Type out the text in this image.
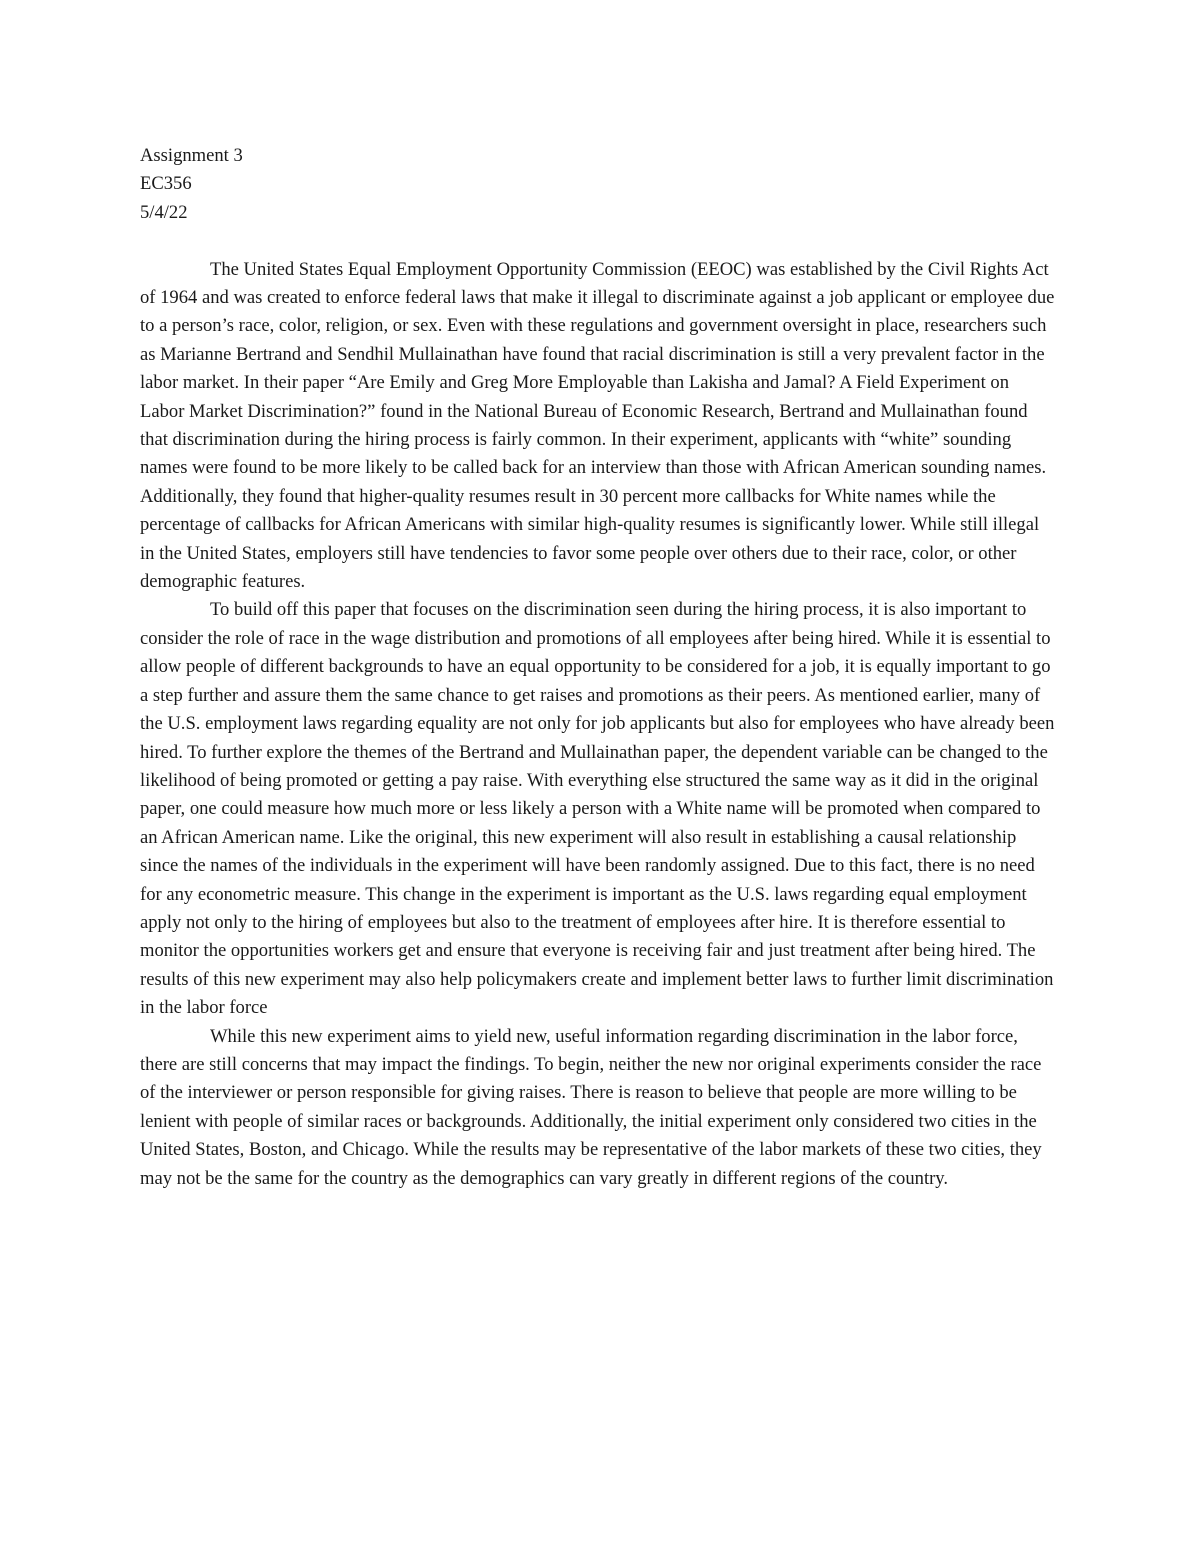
Assignment 3

EC356

5/4/22

The United States Equal Employment Opportunity Commission (EEOC) was established by the Civil Rights Act of 1964 and was created to enforce federal laws that make it illegal to discriminate against a job applicant or employee due to a person’s race, color, religion, or sex. Even with these regulations and government oversight in place, researchers such as Marianne Bertrand and Sendhil Mullainathan have found that racial discrimination is still a very prevalent factor in the labor market. In their paper “Are Emily and Greg More Employable than Lakisha and Jamal? A Field Experiment on Labor Market Discrimination?” found in the National Bureau of Economic Research, Bertrand and Mullainathan found that discrimination during the hiring process is fairly common. In their experiment, applicants with “white” sounding names were found to be more likely to be called back for an interview than those with African American sounding names. Additionally, they found that higher-quality resumes result in 30 percent more callbacks for White names while the percentage of callbacks for African Americans with similar high-quality resumes is significantly lower. While still illegal in the United States, employers still have tendencies to favor some people over others due to their race, color, or other demographic features.

To build off this paper that focuses on the discrimination seen during the hiring process, it is also important to consider the role of race in the wage distribution and promotions of all employees after being hired. While it is essential to allow people of different backgrounds to have an equal opportunity to be considered for a job, it is equally important to go a step further and assure them the same chance to get raises and promotions as their peers. As mentioned earlier, many of the U.S. employment laws regarding equality are not only for job applicants but also for employees who have already been hired. To further explore the themes of the Bertrand and Mullainathan paper, the dependent variable can be changed to the likelihood of being promoted or getting a pay raise. With everything else structured the same way as it did in the original paper, one could measure how much more or less likely a person with a White name will be promoted when compared to an African American name. Like the original, this new experiment will also result in establishing a causal relationship since the names of the individuals in the experiment will have been randomly assigned. Due to this fact, there is no need for any econometric measure. This change in the experiment is important as the U.S. laws regarding equal employment apply not only to the hiring of employees but also to the treatment of employees after hire. It is therefore essential to monitor the opportunities workers get and ensure that everyone is receiving fair and just treatment after being hired. The results of this new experiment may also help policymakers create and implement better laws to further limit discrimination in the labor force

While this new experiment aims to yield new, useful information regarding discrimination in the labor force, there are still concerns that may impact the findings. To begin, neither the new nor original experiments consider the race of the interviewer or person responsible for giving raises. There is reason to believe that people are more willing to be lenient with people of similar races or backgrounds. Additionally, the initial experiment only considered two cities in the United States, Boston, and Chicago. While the results may be representative of the labor markets of these two cities, they may not be the same for the country as the demographics can vary greatly in different regions of the country.
